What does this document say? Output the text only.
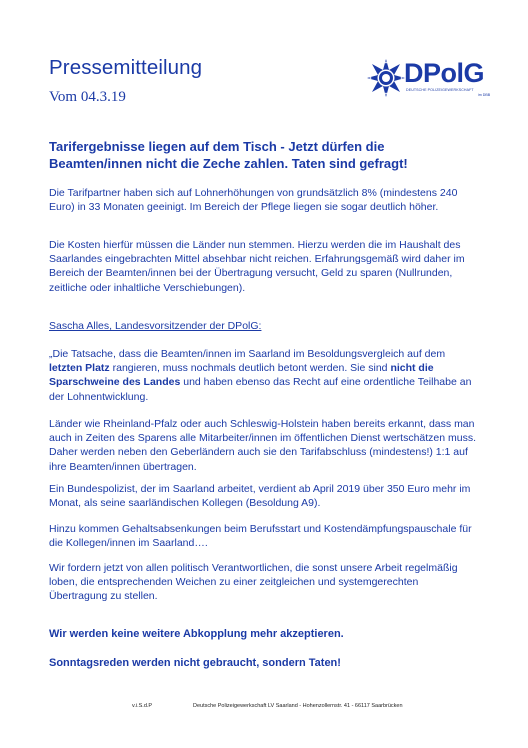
Pressemitteilung
Vom 04.3.19
DPolG
DEUTSCHE POLIZEIGEWERKSCHAFT
im DBB
Tarifergebnisse liegen auf dem Tisch - Jetzt dürfen die
Beamten/innen nicht die Zeche zahlen. Taten sind gefragt!
Die Tarifpartner haben sich auf Lohnerhöhungen von grundsätzlich 8% (mindestens 240 Euro) in 33 Monaten geeinigt. Im Bereich der Pflege liegen sie sogar deutlich höher.
Die Kosten hierfür müssen die Länder nun stemmen. Hierzu werden die im Haushalt des Saarlandes eingebrachten Mittel absehbar nicht reichen. Erfahrungsgemäß wird daher im Bereich der Beamten/innen bei der Übertragung versucht, Geld zu sparen (Nullrunden, zeitliche oder inhaltliche Verschiebungen).
Sascha Alles, Landesvorsitzender der DPolG:
„Die Tatsache, dass die Beamten/innen im Saarland im Besoldungsvergleich auf dem letzten Platz rangieren, muss nochmals deutlich betont werden. Sie sind nicht die Sparschweine des Landes und haben ebenso das Recht auf eine ordentliche Teilhabe an der Lohnentwicklung.
Länder wie Rheinland-Pfalz oder auch Schleswig-Holstein haben bereits erkannt, dass man auch in Zeiten des Sparens alle Mitarbeiter/innen im öffentlichen Dienst wertschätzen muss. Daher werden neben den Geberländern auch sie den Tarifabschluss (mindestens!) 1:1 auf ihre Beamten/innen übertragen.
Ein Bundespolizist, der im Saarland arbeitet, verdient ab April 2019 über 350 Euro mehr im Monat, als seine saarländischen Kollegen (Besoldung A9).
Hinzu kommen Gehaltsabsenkungen beim Berufsstart und Kostendämpfungspauschale für die Kollegen/innen im Saarland….
Wir fordern jetzt von allen politisch Verantwortlichen, die sonst unsere Arbeit regelmäßig loben, die entsprechenden Weichen zu einer zeitgleichen und systemgerechten Übertragung zu stellen.
Wir werden keine weitere Abkopplung mehr akzeptieren.
Sonntagsreden werden nicht gebraucht, sondern Taten!
v.i.S.d.P	Deutsche Polizeigewerkschaft LV Saarland - Hohenzollernstr. 41 - 66117 Saarbrücken
